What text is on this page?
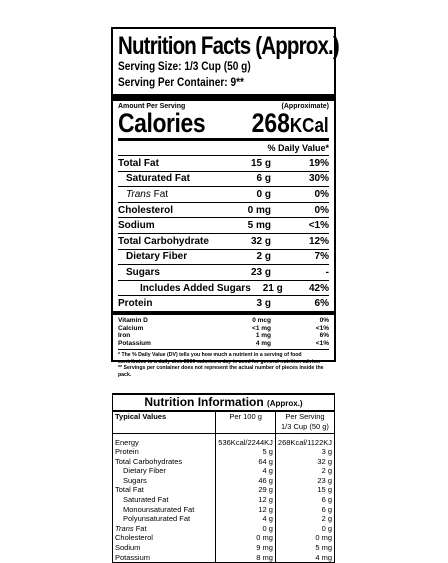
Nutrition Facts (Approx.)
Serving Size: 1/3 Cup (50 g)
Serving Per Container: 9**
Amount Per Serving	(Approximate)
Calories 268KCal
% Daily Value*
Total Fat	15 g	19%
Saturated Fat	6 g	30%
Trans Fat	0 g	0%
Cholesterol	0 mg	0%
Sodium	5 mg	<1%
Total Carbohydrate	32 g	12%
Dietary Fiber	2 g	7%
Sugars	23 g	-
Includes Added Sugars	21 g	42%
Protein	3 g	6%
Vitamin D	0 mcg	0%
Calcium	<1 mg	<1%
Iron	1 mg	6%
Potassium	4 mg	<1%
* The % Daily Value (DV) tells you how much a nutrient in a serving of food contributes to a daily diet. 2000-calories a day is used for general nutrition advice.
** Servings per container does not represent the actual number of pieces inside the pack.
Nutrition Information (Approx.)
Typical Values	Per 100 g	Per Serving
1/3 Cup (50 g)

Energy	536Kcal/2244KJ	268Kcal/1122KJ
Protein	5 g	3 g
Total Carbohydrates	64 g	32 g
Dietary Fiber	4 g	2 g
Sugars	46 g	23 g
Total Fat	29 g	15 g
Saturated Fat	12 g	6 g
Monounsaturated Fat	12 g	6 g
Polyunsaturated Fat	4 g	2 g
Trans Fat	0 g	0 g
Cholesterol	0 mg	0 mg
Sodium	9 mg	5 mg
Potassium	8 mg	4 mg
